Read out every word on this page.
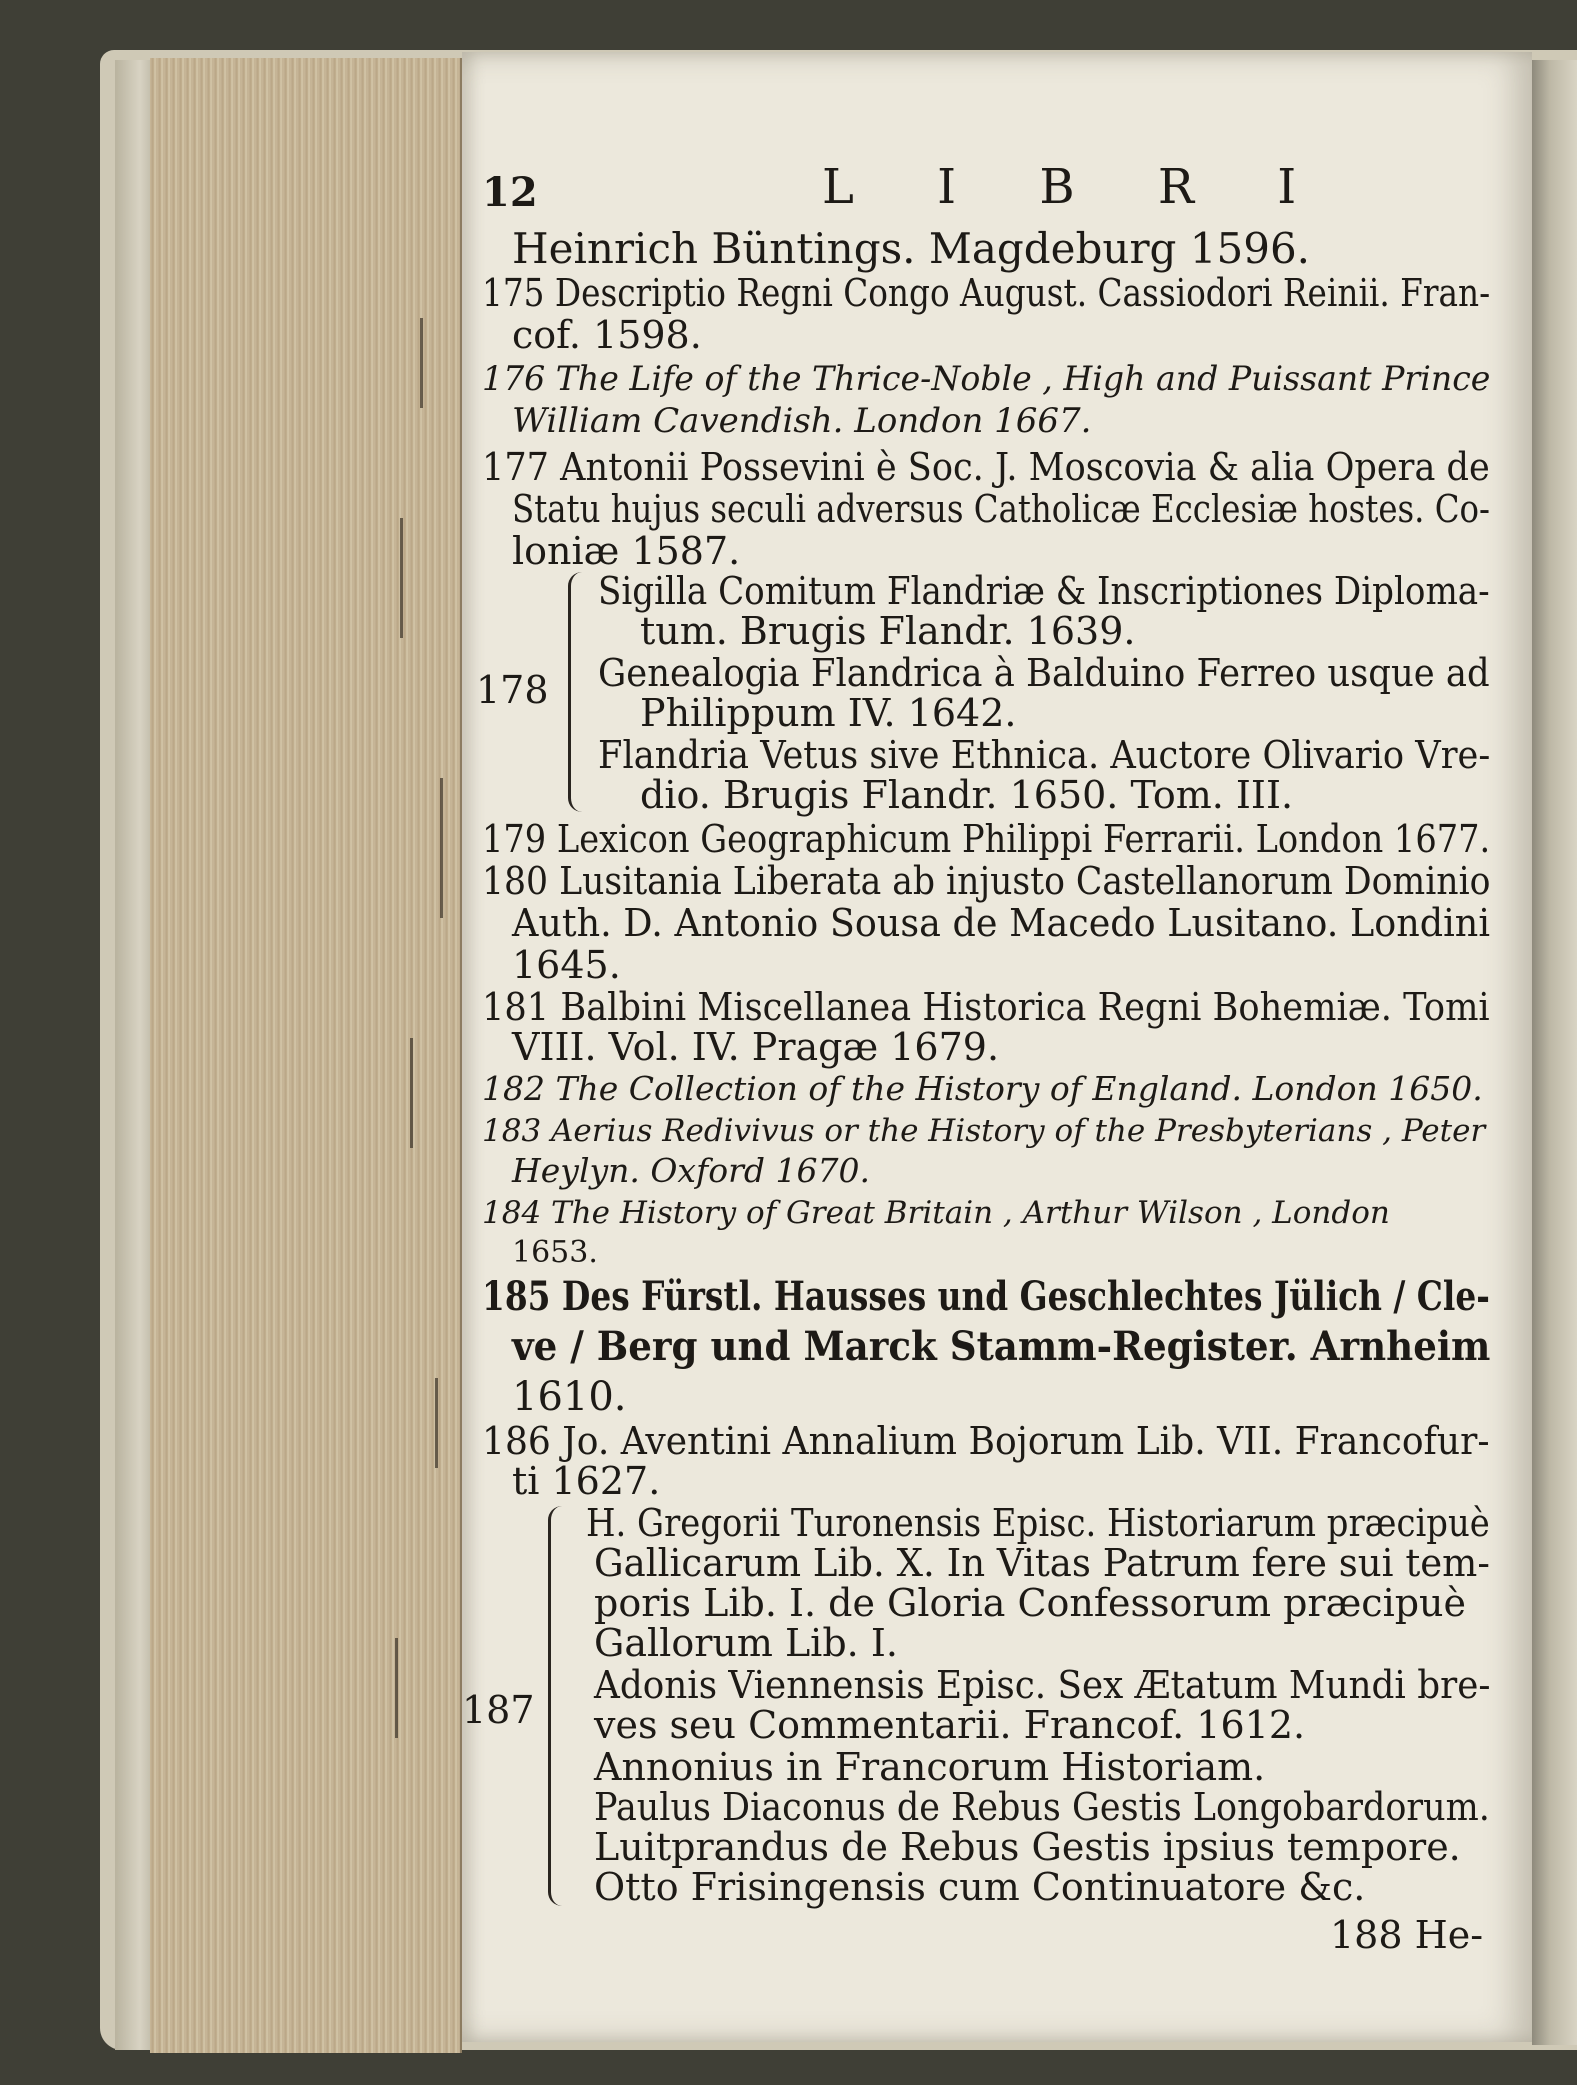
12	L I B R I
Heinrich Büntings. Magdeburg 1596.
175 Descriptio Regni Congo August. Cassiodori Reinii. Fran-
cof. 1598.
176 The Life of the Thrice-Noble , High and Puissant Prince
William Cavendish. London 1667.
177 Antonii Possevini è Soc. J. Moscovia & alia Opera de
Statu hujus seculi adversus Catholicæ Ecclesiæ hostes. Co-
loniæ 1587.
178
Sigilla Comitum Flandriæ & Inscriptiones Diploma-
tum. Brugis Flandr. 1639.
Genealogia Flandrica à Balduino Ferreo usque ad
Philippum IV. 1642.
Flandria Vetus sive Ethnica. Auctore Olivario Vre-
dio. Brugis Flandr. 1650. Tom. III.
179 Lexicon Geographicum Philippi Ferrarii. London 1677.
180 Lusitania Liberata ab injusto Castellanorum Dominio
Auth. D. Antonio Sousa de Macedo Lusitano. Londini
1645.
181 Balbini Miscellanea Historica Regni Bohemiæ. Tomi
VIII. Vol. IV. Pragæ 1679.
182 The Collection of the History of England. London 1650.
183 Aerius Redivivus or the History of the Presbyterians , Peter
Heylyn. Oxford 1670.
184 The History of Great Britain , Arthur Wilson , London
1653.
185 Des Fürstl. Hausses und Geschlechtes Jülich / Cle-
ve / Berg und Marck Stamm-Register. Arnheim
1610.
186 Jo. Aventini Annalium Bojorum Lib. VII. Francofur-
ti 1627.
187
H. Gregorii Turonensis Episc. Historiarum præcipuè
Gallicarum Lib. X. In Vitas Patrum fere sui tem-
poris Lib. I. de Gloria Confessorum præcipuè
Gallorum Lib. I.
Adonis Viennensis Episc. Sex Ætatum Mundi bre-
ves seu Commentarii. Francof. 1612.
Annonius in Francorum Historiam.
Paulus Diaconus de Rebus Gestis Longobardorum.
Luitprandus de Rebus Gestis ipsius tempore.
Otto Frisingensis cum Continuatore &c.
188 He-
